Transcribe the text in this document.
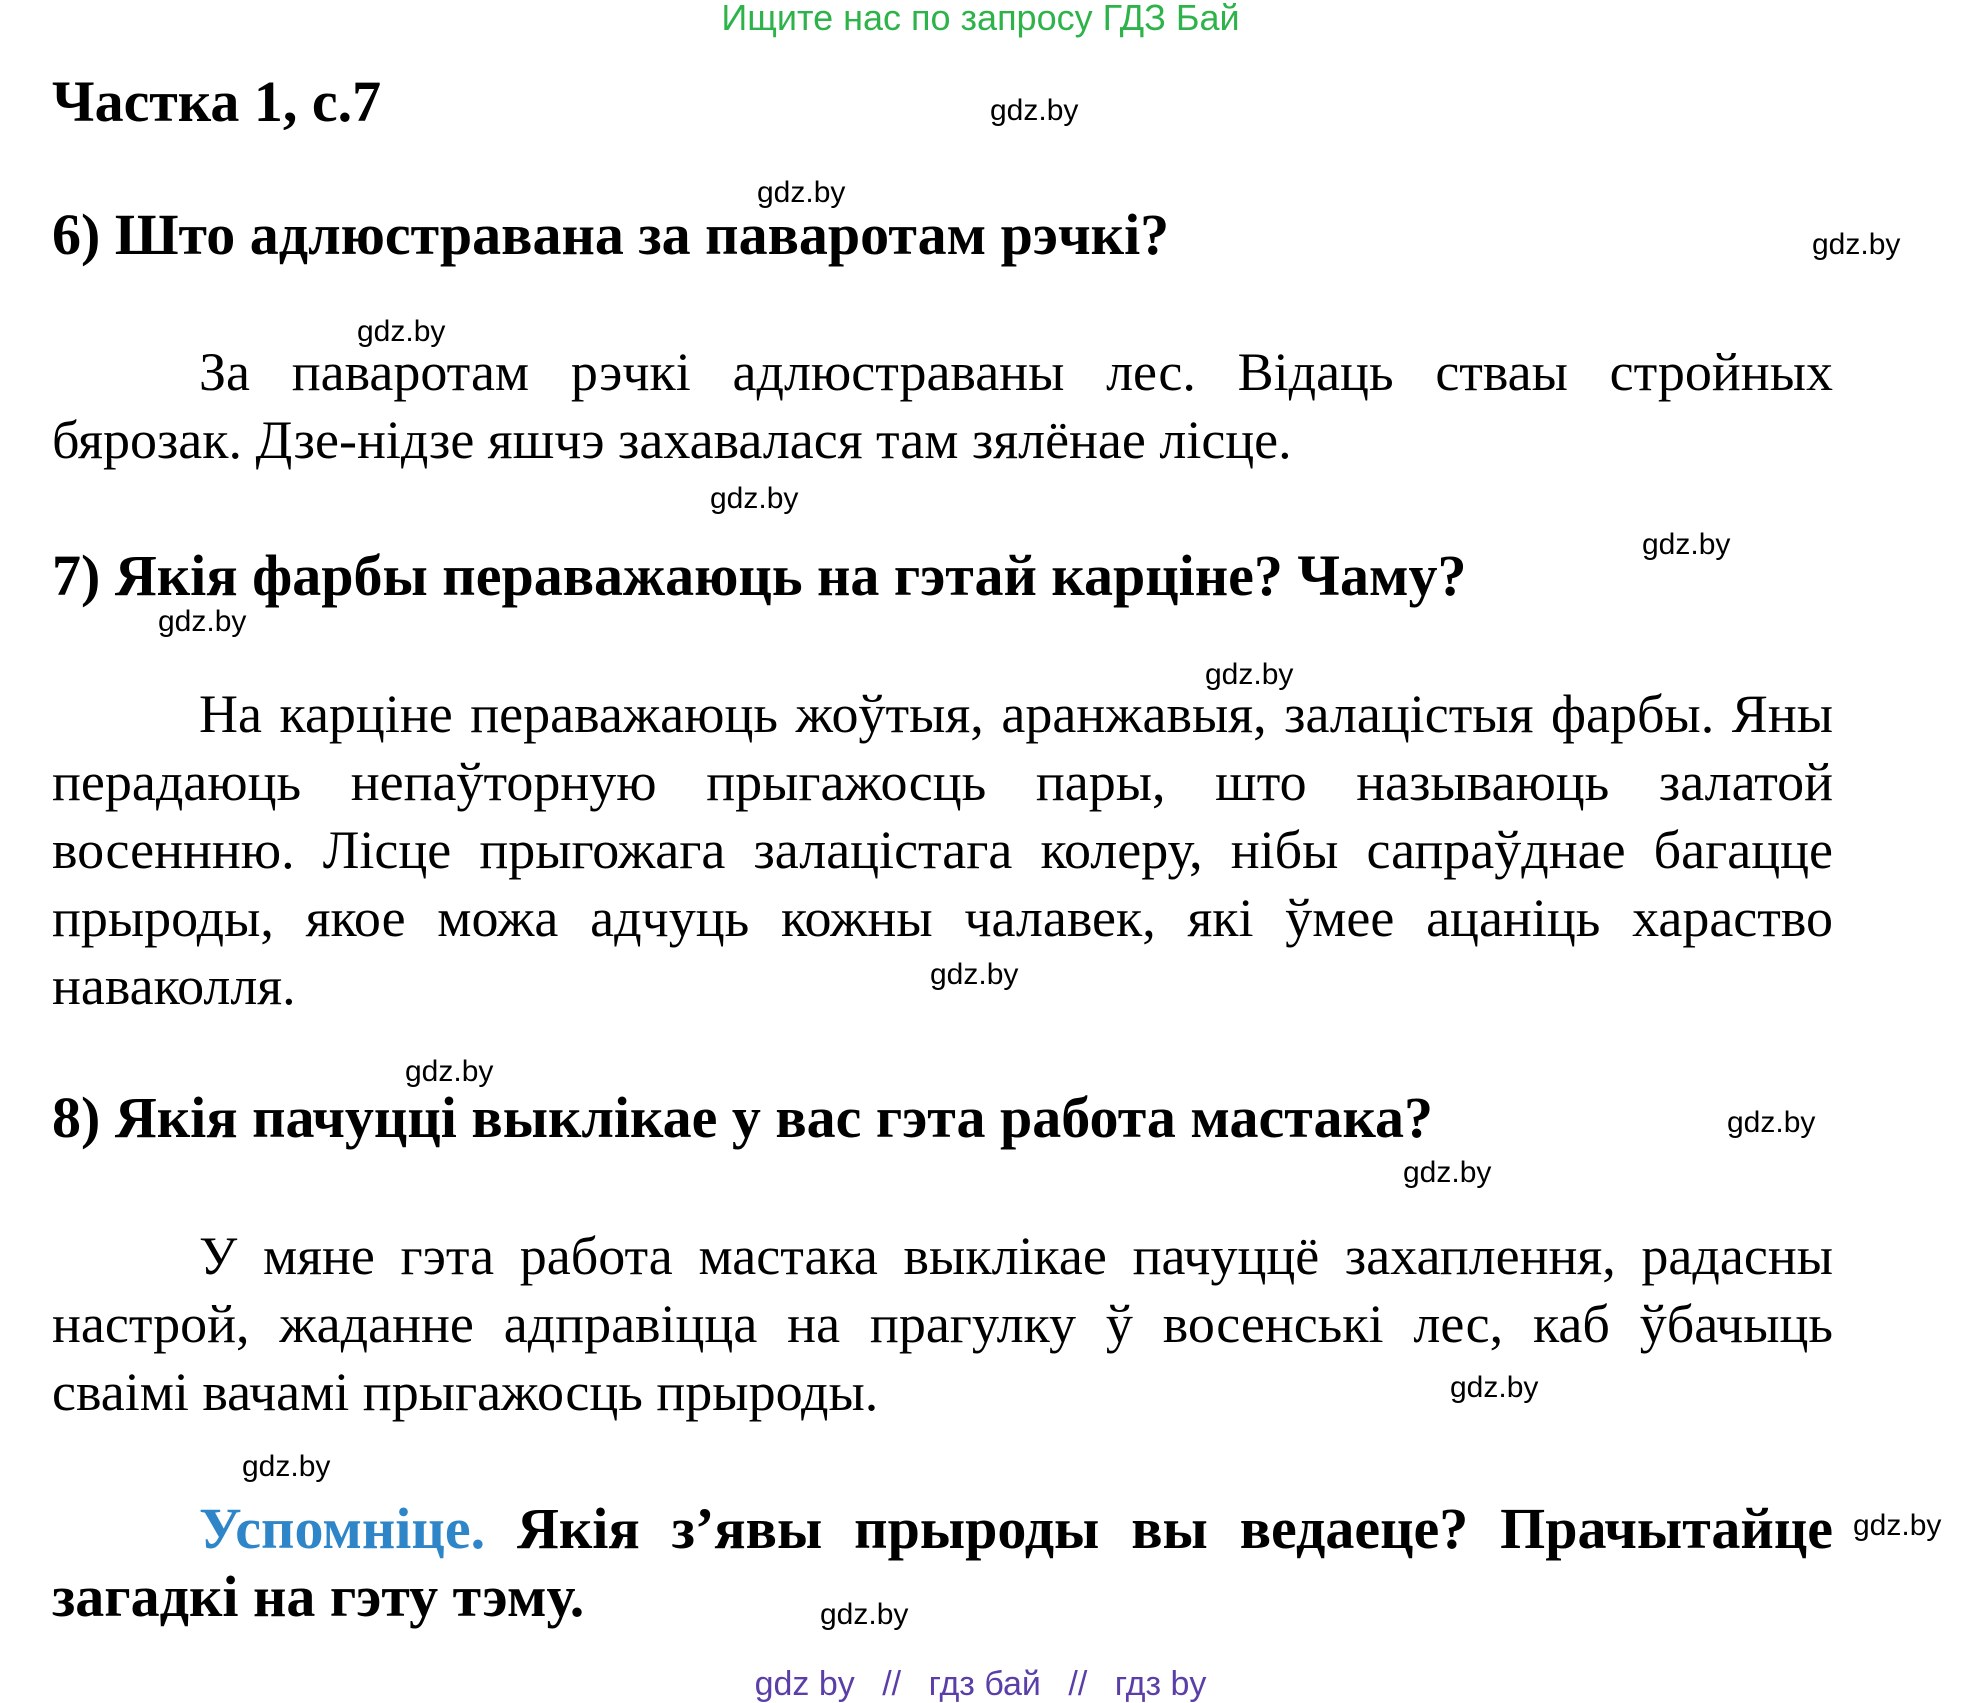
Ищите нас по запросу ГДЗ Бай
Частка 1, с.7
6) Што адлюстравана за паваротам рэчкі?
За паваротам рэчкі адлюстраваны лес. Відаць стваы стройных бярозак. Дзе-нідзе яшчэ захавалася там зялёнае лісце.
7) Якія фарбы пераважаюць на гэтай карціне? Чаму?
На карціне пераважаюць жоўтыя, аранжавыя, залацістыя фарбы. Яны перадаюць непаўторную прыгажосць пары, што называюць залатой восеннню. Лісце прыгожага залацістага колеру, нібы сапраўднае багацце прыроды, якое можа адчуць кожны чалавек, які ўмее ацаніць хараство наваколля.
8) Якія пачуцці выклікае у вас гэта работа мастака?
У мяне гэта работа мастака выклікае пачуццё захаплення, радасны настрой, жаданне адправіцца на прагулку ў восенські лес, каб ўбачыць сваімі вачамі прыгажосць прыроды.
Успомніце. Якія з’явы прыроды вы ведаеце? Прачытайце загадкі на гэту тэму.
gdz.by
gdz.by
gdz.by
gdz.by
gdz.by
gdz.by
gdz.by
gdz.by
gdz.by
gdz.by
gdz.by
gdz.by
gdz.by
gdz.by
gdz.by
gdz.by
gdz by // гдз бай // гдз by
